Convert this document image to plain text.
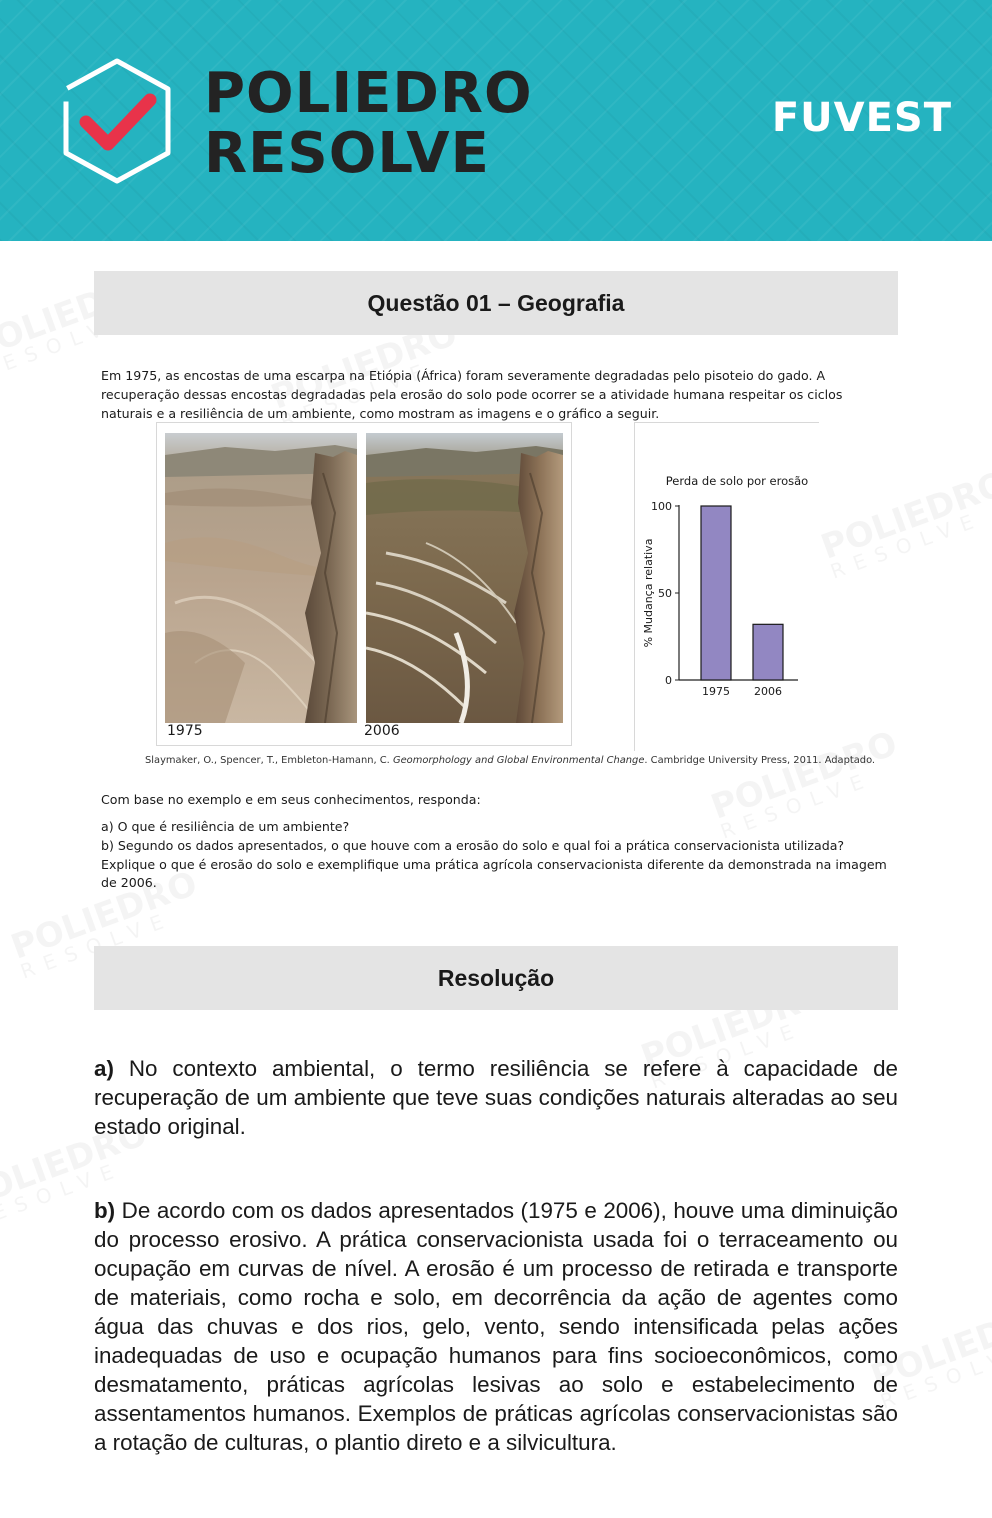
POLIEDRO
RESOLVE
FUVEST
Questão 01 – Geografia
Em 1975, as encostas de uma escarpa na Etiópia (África) foram severamente degradadas pelo pisoteio do gado. A recuperação dessas encostas degradadas pela erosão do solo pode ocorrer se a atividade humana respeitar os ciclos naturais e a resiliência de um ambiente, como mostram as imagens e o gráfico a seguir.
1975	2006
Perda de solo por erosão
0
50
100
% Mudança relativa
1975 2006
Slaymaker, O., Spencer, T., Embleton-Hamann, C. Geomorphology and Global Environmental Change. Cambridge University Press, 2011. Adaptado.
Com base no exemplo e em seus conhecimentos, responda:

a) O que é resiliência de um ambiente?

b) Segundo os dados apresentados, o que houve com a erosão do solo e qual foi a prática conservacionista utilizada? Explique o que é erosão do solo e exemplifique uma prática agrícola conservacionista diferente da demonstrada na imagem de 2006.

Resolução
a) No contexto ambiental, o termo resiliência se refere à capacidade de recuperação de um ambiente que teve suas condições naturais alteradas ao seu estado original.
b) De acordo com os dados apresentados (1975 e 2006), houve uma diminuição do processo erosivo. A prática conservacionista usada foi o terraceamento ou ocupação em curvas de nível. A erosão é um processo de retirada e transporte de materiais, como rocha e solo, em decorrência da ação de agentes como água das chuvas e dos rios, gelo, vento, sendo intensificada pelas ações inadequadas de uso e ocupação humanos para fins socioeconômicos, como desmatamento, práticas agrícolas lesivas ao solo e estabelecimento de assentamentos humanos. Exemplos de práticas agrícolas conservacionistas são a rotação de culturas, o plantio direto e a silvicultura.
